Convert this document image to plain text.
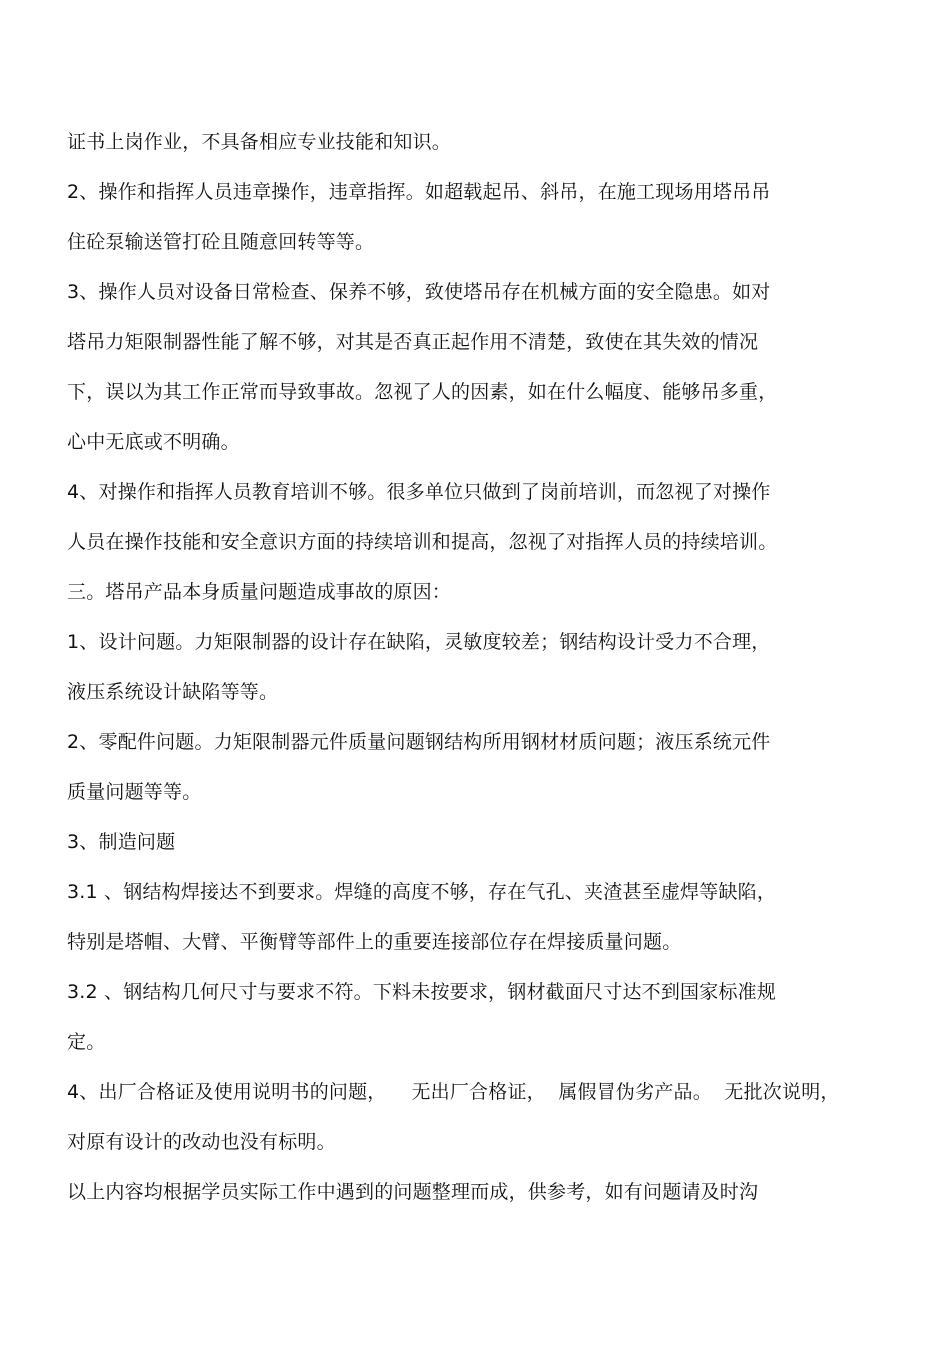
证书上岗作业，不具备相应专业技能和知识。
2、操作和指挥人员违章操作，违章指挥。如超载起吊、斜吊，在施工现场用塔吊吊
住砼泵输送管打砼且随意回转等等。
3、操作人员对设备日常检查、保养不够，致使塔吊存在机械方面的安全隐患。如对
塔吊力矩限制器性能了解不够，对其是否真正起作用不清楚，致使在其失效的情况
下，误以为其工作正常而导致事故。忽视了人的因素，如在什么幅度、能够吊多重，
心中无底或不明确。
4、对操作和指挥人员教育培训不够。很多单位只做到了岗前培训，而忽视了对操作
人员在操作技能和安全意识方面的持续培训和提高，忽视了对指挥人员的持续培训。
三。塔吊产品本身质量问题造成事故的原因：
1、设计问题。力矩限制器的设计存在缺陷，灵敏度较差；钢结构设计受力不合理，
液压系统设计缺陷等等。
2、零配件问题。力矩限制器元件质量问题钢结构所用钢材材质问题；液压系统元件
质量问题等等。
3、制造问题
3.1 、钢结构焊接达不到要求。焊缝的高度不够，存在气孔、夹渣甚至虚焊等缺陷，
特别是塔帽、大臂、平衡臂等部件上的重要连接部位存在焊接质量问题。
3.2 、钢结构几何尺寸与要求不符。下料未按要求，钢材截面尺寸达不到国家标准规
定。
4、出厂合格证及使用说明书的问题，    无出厂合格证，  属假冒伪劣产品。  无批次说明，
对原有设计的改动也没有标明。
以上内容均根据学员实际工作中遇到的问题整理而成，供参考，如有问题请及时沟
